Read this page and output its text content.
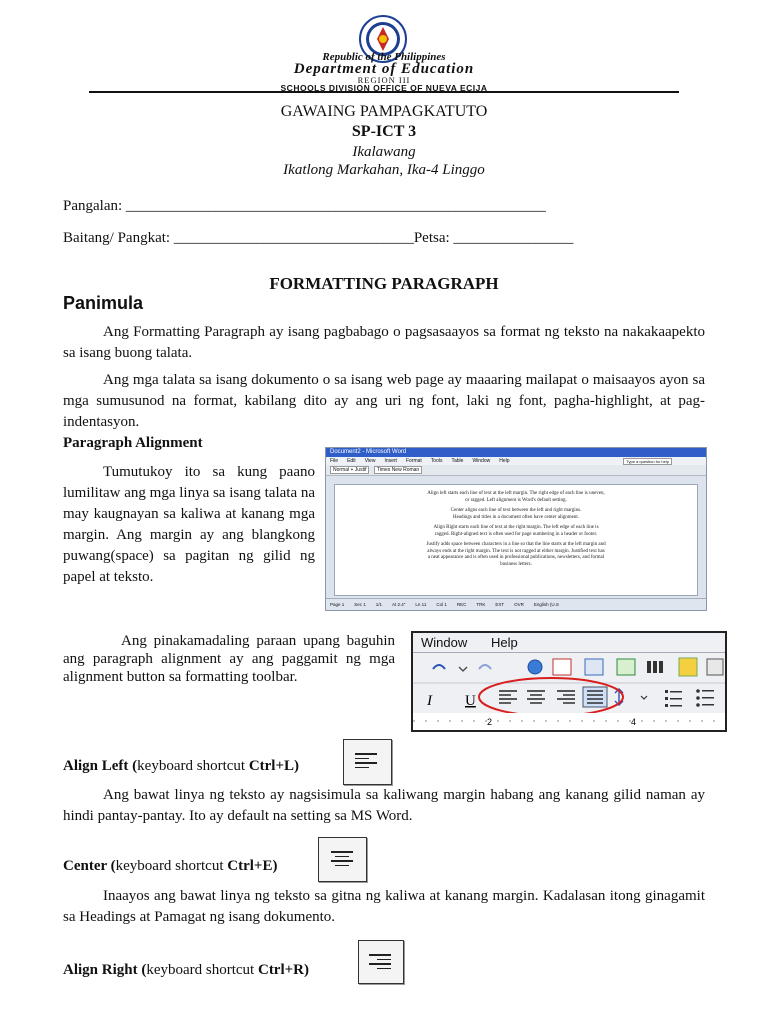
Republic of the Philippines
Department of Education
REGION III
SCHOOLS DIVISION OFFICE OF NUEVA ECIJA
GAWAING PAMPAGKATUTO
SP-ICT 3
Ikalawang
Ikatlong Markahan, Ika-4 Linggo
Pangalan: ________________________________________________________
Baitang/ Pangkat: ________________________________Petsa: ________________
FORMATTING PARAGRAPH
Panimula
Ang Formatting Paragraph ay isang pagbabago o pagsasaayos sa format ng teksto na nakakaapekto sa isang buong talata.
Ang mga talata sa isang dokumento o sa isang web page ay maaaring mailapat o maisaayos ayon sa mga sumusunod na format, kabilang dito ay ang uri ng font, laki ng font, pagha-highlight, at pag-indentasyon.
Paragraph Alignment
Tumutukoy ito sa kung paano lumilitaw ang mga linya sa isang talata na may kaugnayan sa kaliwa at kanang mga margin. Ang margin ay ang blangkong puwang(space) sa pagitan ng gilid ng papel at teksto.
Document2 - Microsoft Word
File Edit View Insert Format Tools Table Window Help	Type a question for help
Normal + Justif Times New Roman
Align left starts each line of text at the left margin. The right edge of each line is uneven,
or ragged. Left alignment is Word's default setting.
Center aligns each line of text between the left and right margins.
Headings and titles in a document often have center alignment.
Align Right starts each line of text at the right margin. The left edge of each line is
ragged. Right-aligned text is often used for page numbering in a header or footer.
Justify adds space between characters in a line so that the line starts at the left margin and
always ends at the right margin. The text is not ragged at either margin. Justified text has
a neat appearance and is often used in professional publications, newsletters, and formal
business letters.
Page 1 Sec 1 1/1 At 2.4" Ln 11 Col 1 REC TRK EXT OVR English (U.S
Ang pinakamadaling paraan upang baguhin ang paragraph alignment ay ang paggamit ng mga alignment button sa formatting toolbar.
Window Help
I U
2	4
Align Left (keyboard shortcut Ctrl+L)
Ang bawat linya ng teksto ay nagsisimula sa kaliwang margin habang ang kanang gilid naman ay hindi pantay-pantay. Ito ay default na setting sa MS Word.
Center (keyboard shortcut Ctrl+E)
Inaayos ang bawat linya ng teksto sa gitna ng kaliwa at kanang margin. Kadalasan itong ginagamit sa Headings at Pamagat ng isang dokumento.
Align Right (keyboard shortcut Ctrl+R)
